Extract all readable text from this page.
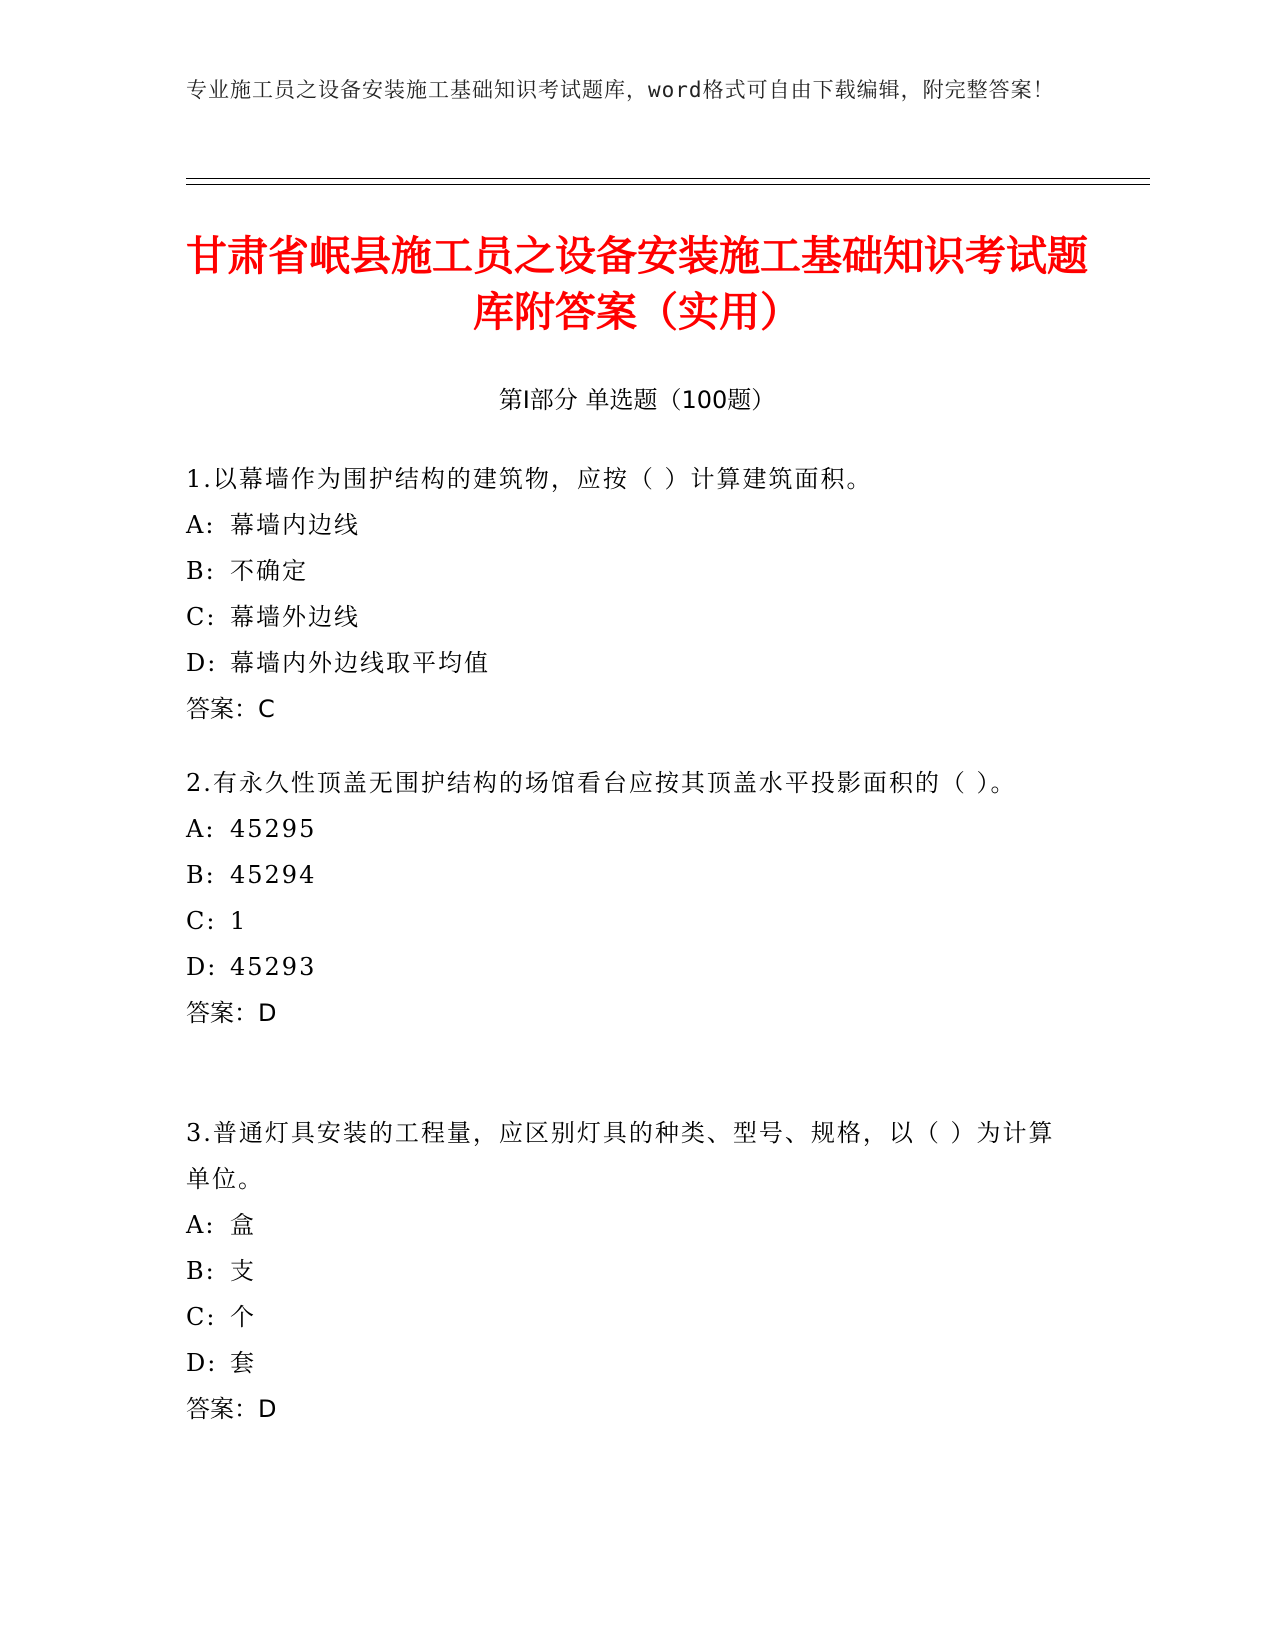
专业施工员之设备安装施工基础知识考试题库，word格式可自由下载编辑，附完整答案！
甘肃省岷县施工员之设备安装施工基础知识考试题库附答案（实用）
第Ⅰ部分 单选题（100题）

1.以幕墙作为围护结构的建筑物，应按（ ）计算建筑面积。

A: 幕墙内边线

B: 不确定

C: 幕墙外边线

D: 幕墙内外边线取平均值

答案：C

2.有永久性顶盖无围护结构的场馆看台应按其顶盖水平投影面积的（ ）。

A: 45295

B: 45294

C: 1

D: 45293

答案：D

3.普通灯具安装的工程量，应区别灯具的种类、型号、规格，以（ ）为计算单位。

A: 盒

B: 支

C: 个

D: 套

答案：D
